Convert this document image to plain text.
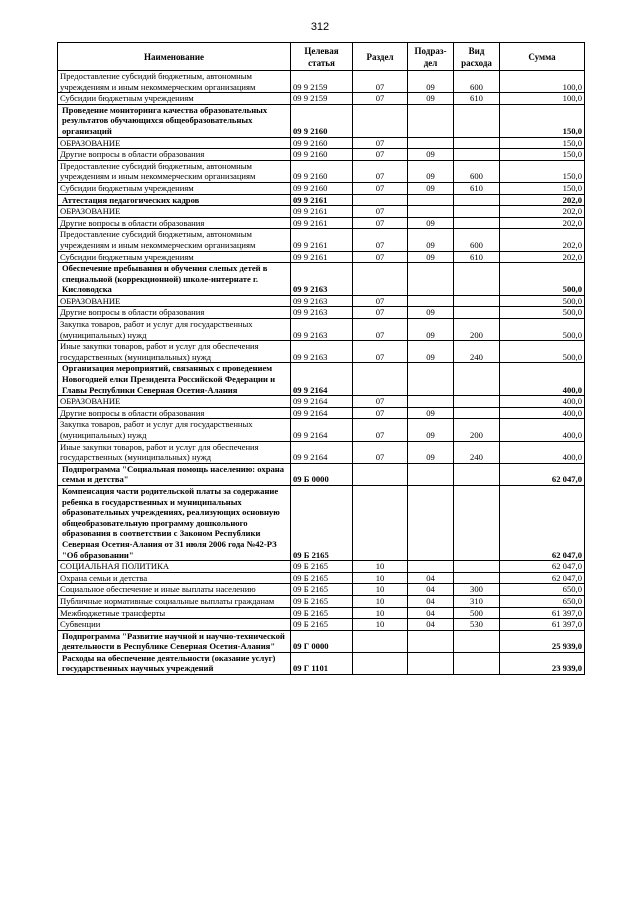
312
Наименование	Целевая статья	Раздел	Подраз-дел	Вид расхода	Сумма
Предоставление субсидий бюджетным, автономным учреждениям и иным некоммерческим организациям	09 9 2159	07	09	600	100,0
Субсидии бюджетным учреждениям	09 9 2159	07	09	610	100,0
Проведение мониторинга качества образовательных результатов обучающихся общеобразовательных организаций	09 9 2160				150,0
ОБРАЗОВАНИЕ	09 9 2160	07			150,0
Другие вопросы в области образования	09 9 2160	07	09		150,0
Предоставление субсидий бюджетным, автономным учреждениям и иным некоммерческим организациям	09 9 2160	07	09	600	150,0
Субсидии бюджетным учреждениям	09 9 2160	07	09	610	150,0
Аттестация педагогических кадров	09 9 2161				202,0
ОБРАЗОВАНИЕ	09 9 2161	07			202,0
Другие вопросы в области образования	09 9 2161	07	09		202,0
Предоставление субсидий бюджетным, автономным учреждениям и иным некоммерческим организациям	09 9 2161	07	09	600	202,0
Субсидии бюджетным учреждениям	09 9 2161	07	09	610	202,0
Обеспечение пребывания и обучения слепых детей в специальной (коррекционной) школе-интернате г. Кисловодска	09 9 2163				500,0
ОБРАЗОВАНИЕ	09 9 2163	07			500,0
Другие вопросы в области образования	09 9 2163	07	09		500,0
Закупка товаров, работ и услуг для государственных (муниципальных) нужд	09 9 2163	07	09	200	500,0
Иные закупки товаров, работ и услуг для обеспечения государственных (муниципальных) нужд	09 9 2163	07	09	240	500,0
Организация мероприятий, связанных с проведением Новогодней елки Президента Российской Федерации и Главы Республики Северная Осетия-Алания	09 9 2164				400,0
ОБРАЗОВАНИЕ	09 9 2164	07			400,0
Другие вопросы в области образования	09 9 2164	07	09		400,0
Закупка товаров, работ и услуг для государственных (муниципальных) нужд	09 9 2164	07	09	200	400,0
Иные закупки товаров, работ и услуг для обеспечения государственных (муниципальных) нужд	09 9 2164	07	09	240	400,0
Подпрограмма "Социальная помощь населению: охрана семьи и детства"	09 Б 0000				62 047,0
Компенсация части родительской платы за содержание ребенка в государственных и муниципальных образовательных учреждениях, реализующих основную общеобразовательную программу дошкольного образования в соответствии с Законом Республики Северная Осетия-Алания от 31 июля 2006 года №42-РЗ "Об образовании"	09 Б 2165				62 047,0
СОЦИАЛЬНАЯ ПОЛИТИКА	09 Б 2165	10			62 047,0
Охрана семьи и детства	09 Б 2165	10	04		62 047,0
Социальное обеспечение и иные выплаты населению	09 Б 2165	10	04	300	650,0
Публичные нормативные социальные выплаты гражданам	09 Б 2165	10	04	310	650,0
Межбюджетные трансферты	09 Б 2165	10	04	500	61 397,0
Субвенции	09 Б 2165	10	04	530	61 397,0
Подпрограмма "Развитие научной и научно-технической деятельности в Республике Северная Осетия-Алания"	09 Г 0000				25 939,0
Расходы на обеспечение деятельности (оказание услуг) государственных научных учреждений	09 Г 1101				23 939,0
